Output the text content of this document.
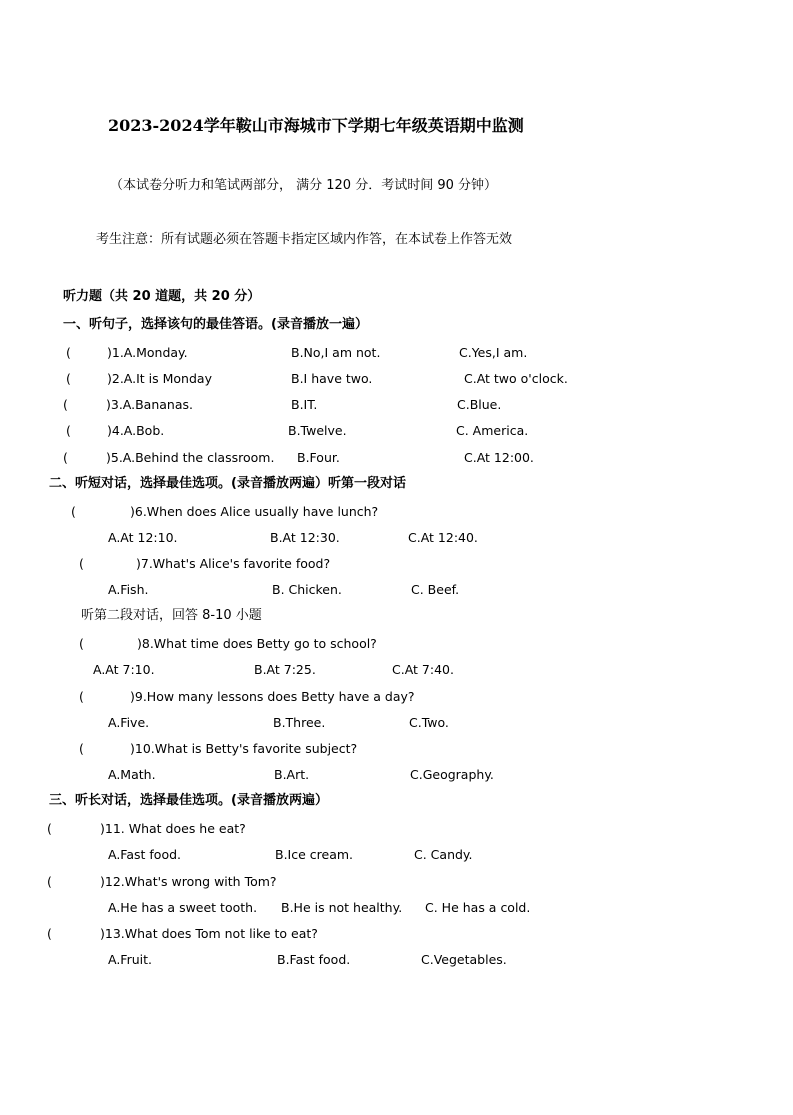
2023-2024学年鞍山市海城市下学期七年级英语期中监测
（本试卷分听力和笔试两部分， 满分 120 分．考试时间 90 分钟）
考生注意：所有试题必须在答题卡指定区域内作答，在本试卷上作答无效
听力题（共 20 道题，共 20 分）
一、听句子，选择该句的最佳答语。(录音播放一遍）
(	)1.A.Monday.	B.No,I am not.	C.Yes,I am.
(	)2.A.It is Monday	B.I have two.	C.At two o'clock.
(	)3.A.Bananas.	B.IT.	C.Blue.
(	)4.A.Bob.	B.Twelve.	C. America.
(	)5.A.Behind the classroom. B.Four.	C.At 12:00.
二、听短对话，选择最佳选项。(录音播放两遍）听第一段对话
(	)6.When does Alice usually have lunch?
A.At 12:10.	B.At 12:30.	C.At 12:40.
(	)7.What's Alice's favorite food?
A.Fish.	B. Chicken.	C. Beef.
听第二段对话，回答 8-10 小题
(	)8.What time does Betty go to school?
A.At 7:10.	B.At 7:25.	C.At 7:40.
(	)9.How many lessons does Betty have a day?
A.Five.	B.Three.	C.Two.
(	)10.What is Betty's favorite subject?
A.Math.	B.Art.	C.Geography.
三、听长对话，选择最佳选项。(录音播放两遍）
(	)11. What does he eat?
A.Fast food.	B.Ice cream.	C. Candy.
(	)12.What's wrong with Tom?
A.He has a sweet tooth. B.He is not healthy. C. He has a cold.
(	)13.What does Tom not like to eat?
A.Fruit.	B.Fast food.	C.Vegetables.
